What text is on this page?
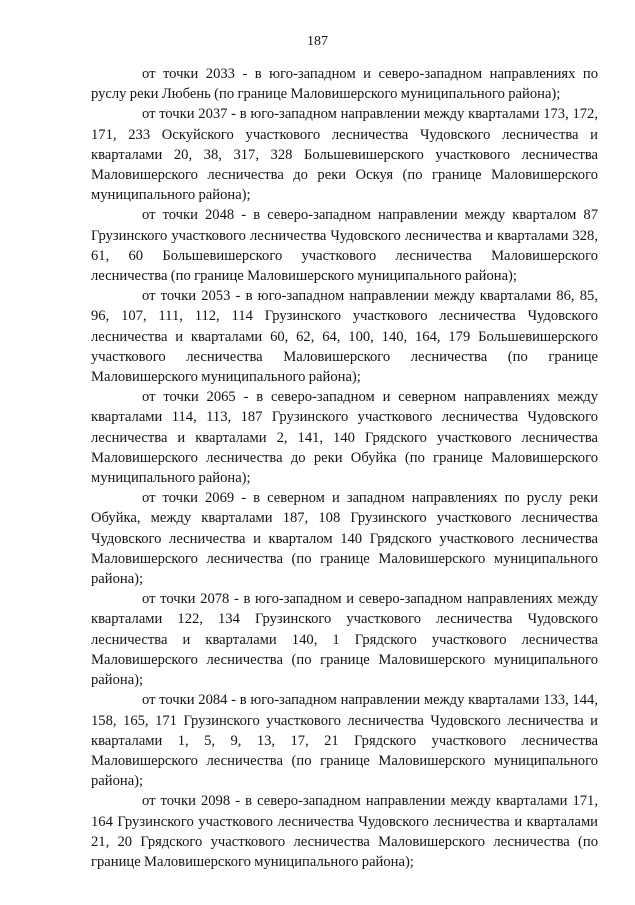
187

от точки 2033 - в юго-западном и северо-западном направлениях по руслу реки Любень (по границе Маловишерского муниципального района);

от точки 2037 - в юго-западном направлении между кварталами 173, 172, 171, 233 Оскуйского участкового лесничества Чудовского лесничества и кварталами 20, 38, 317, 328 Большевишерского участкового лесничества Маловишерского лесничества до реки Оскуя (по границе Маловишерского муниципального района);

от точки 2048 - в северо-западном направлении между кварталом 87 Грузинского участкового лесничества Чудовского лесничества и кварталами 328, 61, 60 Большевишерского участкового лесничества Маловишерского лесничества (по границе Маловишерского муниципального района);

от точки 2053 - в юго-западном направлении между кварталами 86, 85, 96, 107, 111, 112, 114 Грузинского участкового лесничества Чудовского лесничества и кварталами 60, 62, 64, 100, 140, 164, 179 Большевишерского участкового лесничества Маловишерского лесничества (по границе Маловишерского муниципального района);

от точки 2065 - в северо-западном и северном направлениях между кварталами 114, 113, 187 Грузинского участкового лесничества Чудовского лесничества и кварталами 2, 141, 140 Грядского участкового лесничества Маловишерского лесничества до реки Обуйка (по границе Маловишерского муниципального района);

от точки 2069 - в северном и западном направлениях по руслу реки Обуйка, между кварталами 187, 108 Грузинского участкового лесничества Чудовского лесничества и кварталом 140 Грядского участкового лесничества Маловишерского лесничества (по границе Маловишерского муниципального района);

от точки 2078 - в юго-западном и северо-западном направлениях между кварталами 122, 134 Грузинского участкового лесничества Чудовского лесничества и кварталами 140, 1 Грядского участкового лесничества Маловишерского лесничества (по границе Маловишерского муниципального района);

от точки 2084 - в юго-западном направлении между кварталами 133, 144, 158, 165, 171 Грузинского участкового лесничества Чудовского лесничества и кварталами 1, 5, 9, 13, 17, 21 Грядского участкового лесничества Маловишерского лесничества (по границе Маловишерского муниципального района);

от точки 2098 - в северо-западном направлении между кварталами 171, 164 Грузинского участкового лесничества Чудовского лесничества и кварталами 21, 20 Грядского участкового лесничества Маловишерского лесничества (по границе Маловишерского муниципального района);
